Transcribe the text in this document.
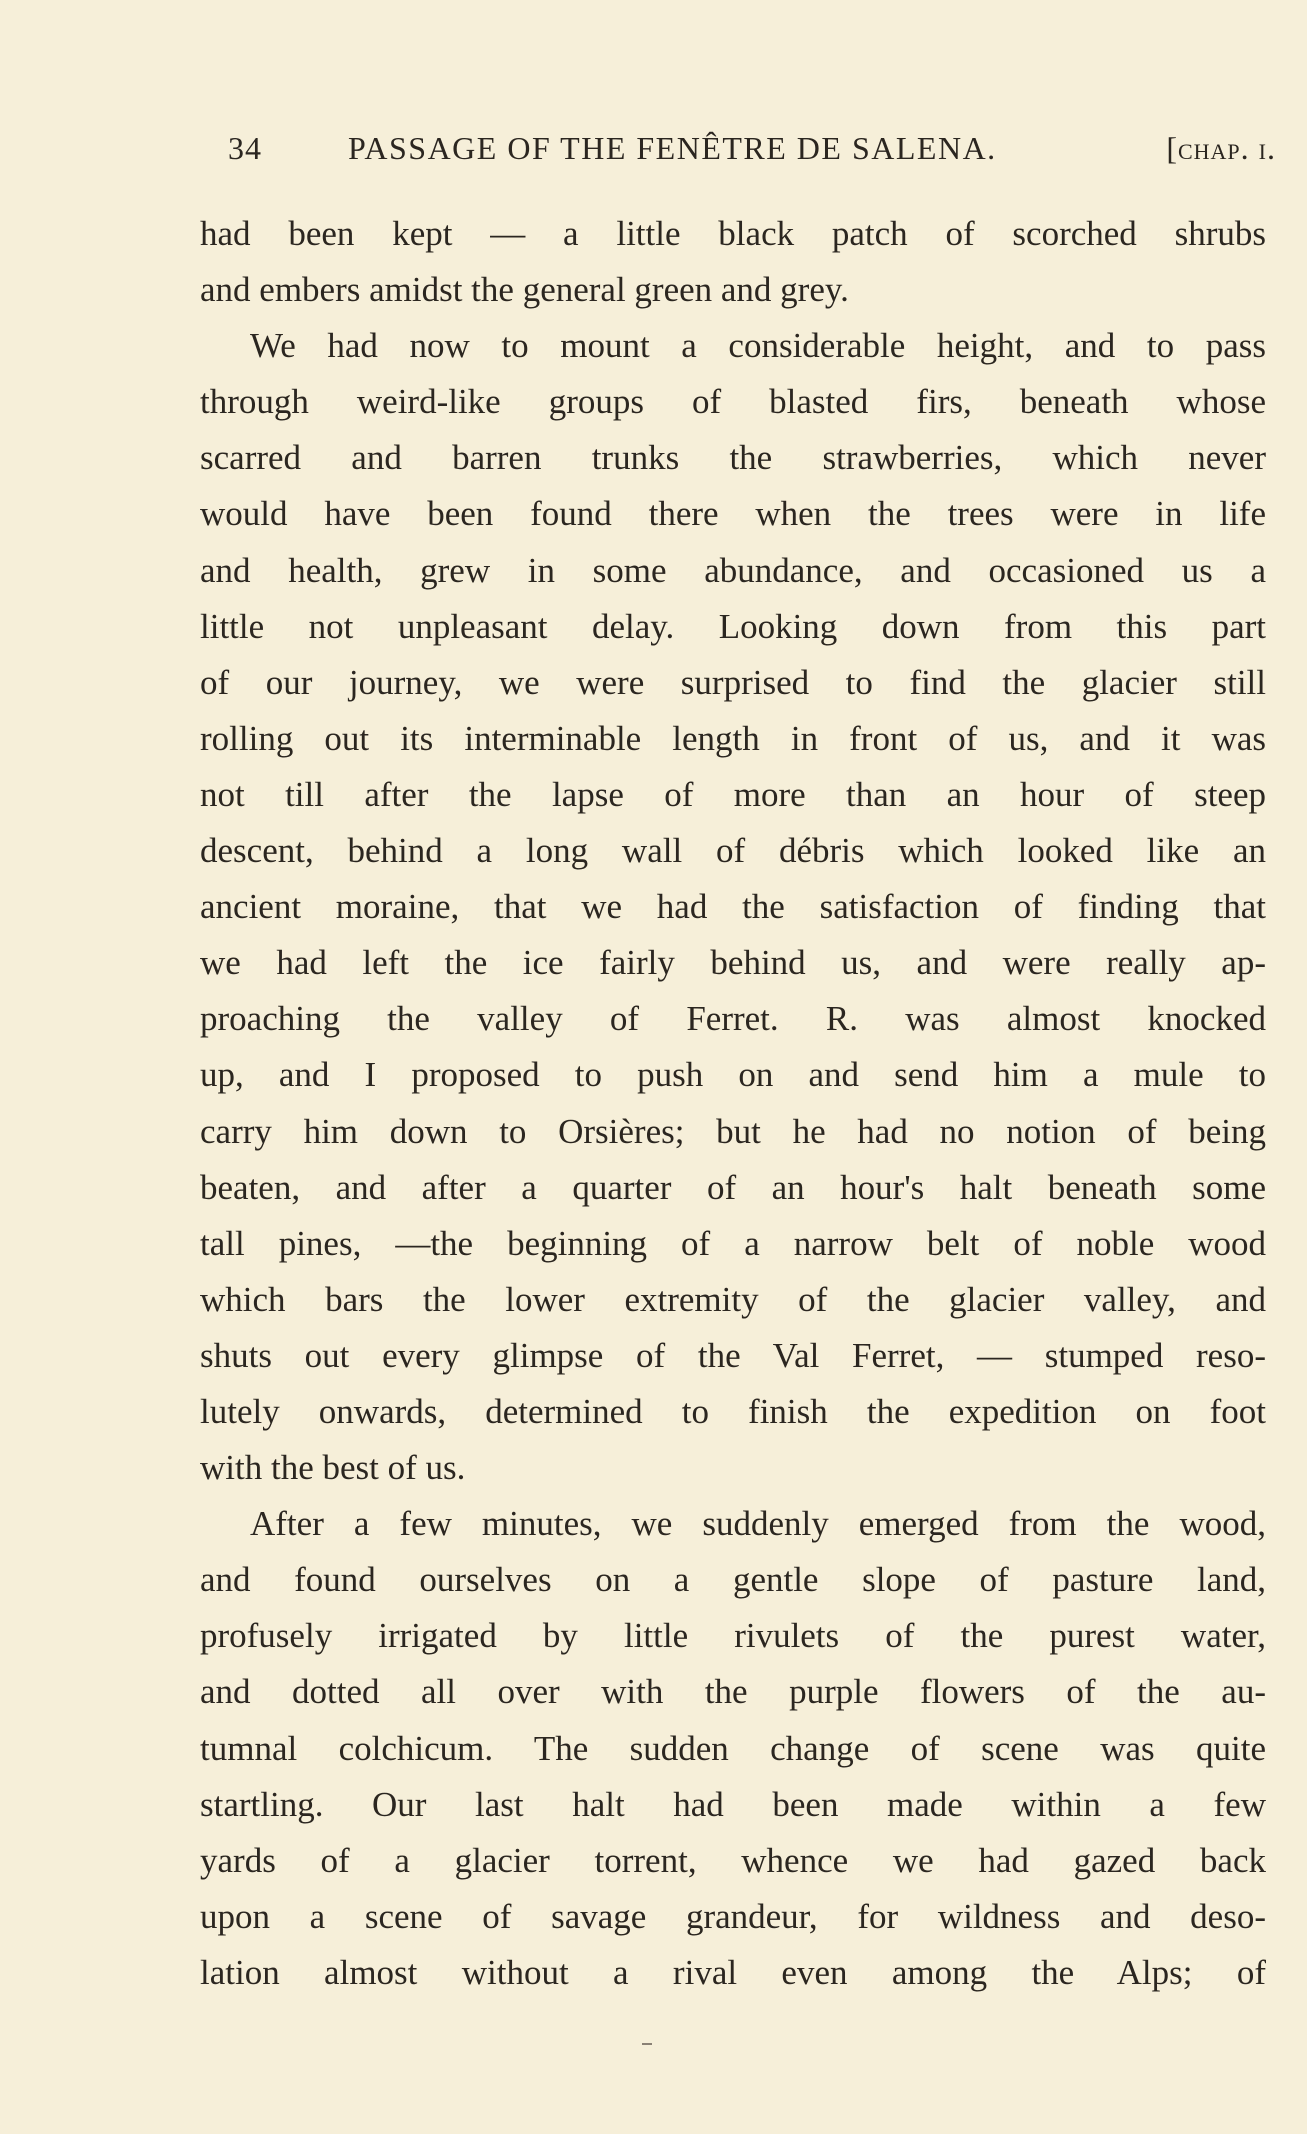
34	PASSAGE OF THE FENÊTRE DE SALENA.	[chap. i.
had been kept — a little black patch of scorched shrubs
and embers amidst the general green and grey.
We had now to mount a considerable height, and to pass
through weird-like groups of blasted firs, beneath whose
scarred and barren trunks the strawberries, which never
would have been found there when the trees were in life
and health, grew in some abundance, and occasioned us a
little not unpleasant delay. Looking down from this part
of our journey, we were surprised to find the glacier still
rolling out its interminable length in front of us, and it was
not till after the lapse of more than an hour of steep
descent, behind a long wall of débris which looked like an
ancient moraine, that we had the satisfaction of finding that
we had left the ice fairly behind us, and were really ap-
proaching the valley of Ferret. R. was almost knocked
up, and I proposed to push on and send him a mule to
carry him down to Orsières; but he had no notion of being
beaten, and after a quarter of an hour's halt beneath some
tall pines, —the beginning of a narrow belt of noble wood
which bars the lower extremity of the glacier valley, and
shuts out every glimpse of the Val Ferret, — stumped reso-
lutely onwards, determined to finish the expedition on foot
with the best of us.
After a few minutes, we suddenly emerged from the wood,
and found ourselves on a gentle slope of pasture land,
profusely irrigated by little rivulets of the purest water,
and dotted all over with the purple flowers of the au-
tumnal colchicum. The sudden change of scene was quite
startling. Our last halt had been made within a few
yards of a glacier torrent, whence we had gazed back
upon a scene of savage grandeur, for wildness and deso-
lation almost without a rival even among the Alps; of
